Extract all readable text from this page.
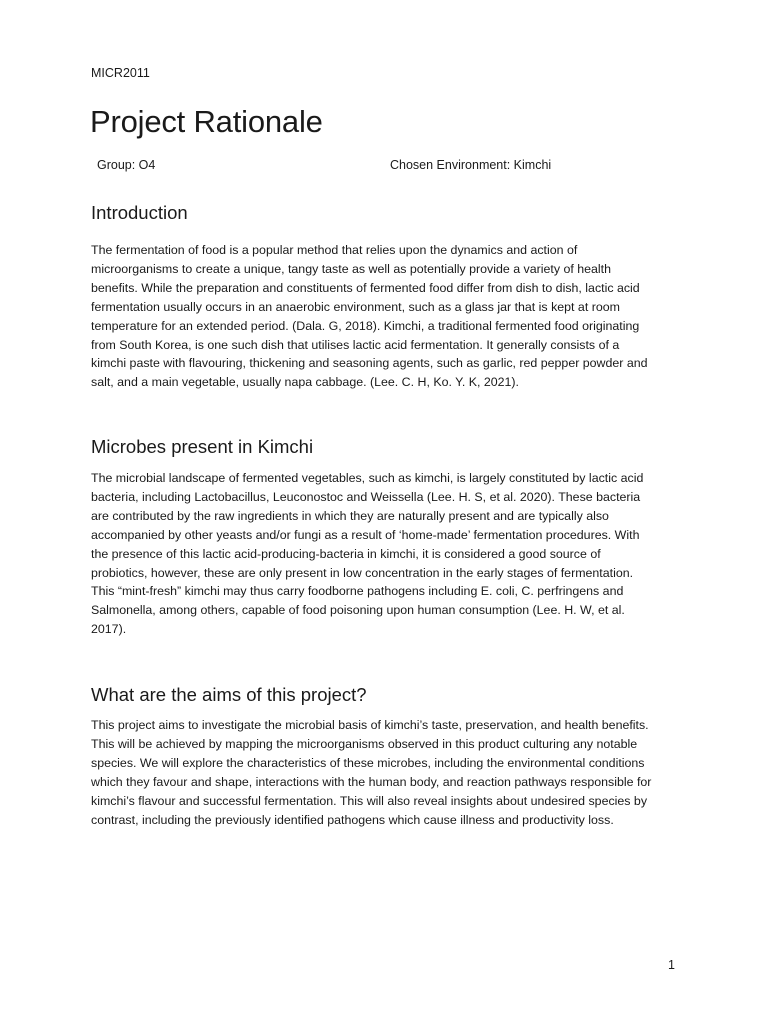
MICR2011
Project Rationale
Group: O4	Chosen Environment: Kimchi
Introduction

The fermentation of food is a popular method that relies upon the dynamics and action of microorganisms to create a unique, tangy taste as well as potentially provide a variety of health benefits. While the preparation and constituents of fermented food differ from dish to dish, lactic acid fermentation usually occurs in an anaerobic environment, such as a glass jar that is kept at room temperature for an extended period. (Dala. G, 2018). Kimchi, a traditional fermented food originating from South Korea, is one such dish that utilises lactic acid fermentation. It generally consists of a kimchi paste with flavouring, thickening and seasoning agents, such as garlic, red pepper powder and salt, and a main vegetable, usually napa cabbage. (Lee. C. H, Ko. Y. K, 2021).

Microbes present in Kimchi

The microbial landscape of fermented vegetables, such as kimchi, is largely constituted by lactic acid bacteria, including Lactobacillus, Leuconostoc and Weissella (Lee. H. S, et al. 2020). These bacteria are contributed by the raw ingredients in which they are naturally present and are typically also accompanied by other yeasts and/or fungi as a result of ‘home-made’ fermentation procedures. With the presence of this lactic acid-producing-bacteria in kimchi, it is considered a good source of probiotics, however, these are only present in low concentration in the early stages of fermentation. This “mint-fresh” kimchi may thus carry foodborne pathogens including E. coli, C. perfringens and Salmonella, among others, capable of food poisoning upon human consumption (Lee. H. W, et al. 2017).

What are the aims of this project?

This project aims to investigate the microbial basis of kimchi’s taste, preservation, and health benefits. This will be achieved by mapping the microorganisms observed in this product culturing any notable species. We will explore the characteristics of these microbes, including the environmental conditions which they favour and shape, interactions with the human body, and reaction pathways responsible for kimchi’s flavour and successful fermentation. This will also reveal insights about undesired species by contrast, including the previously identified pathogens which cause illness and productivity loss.

1
